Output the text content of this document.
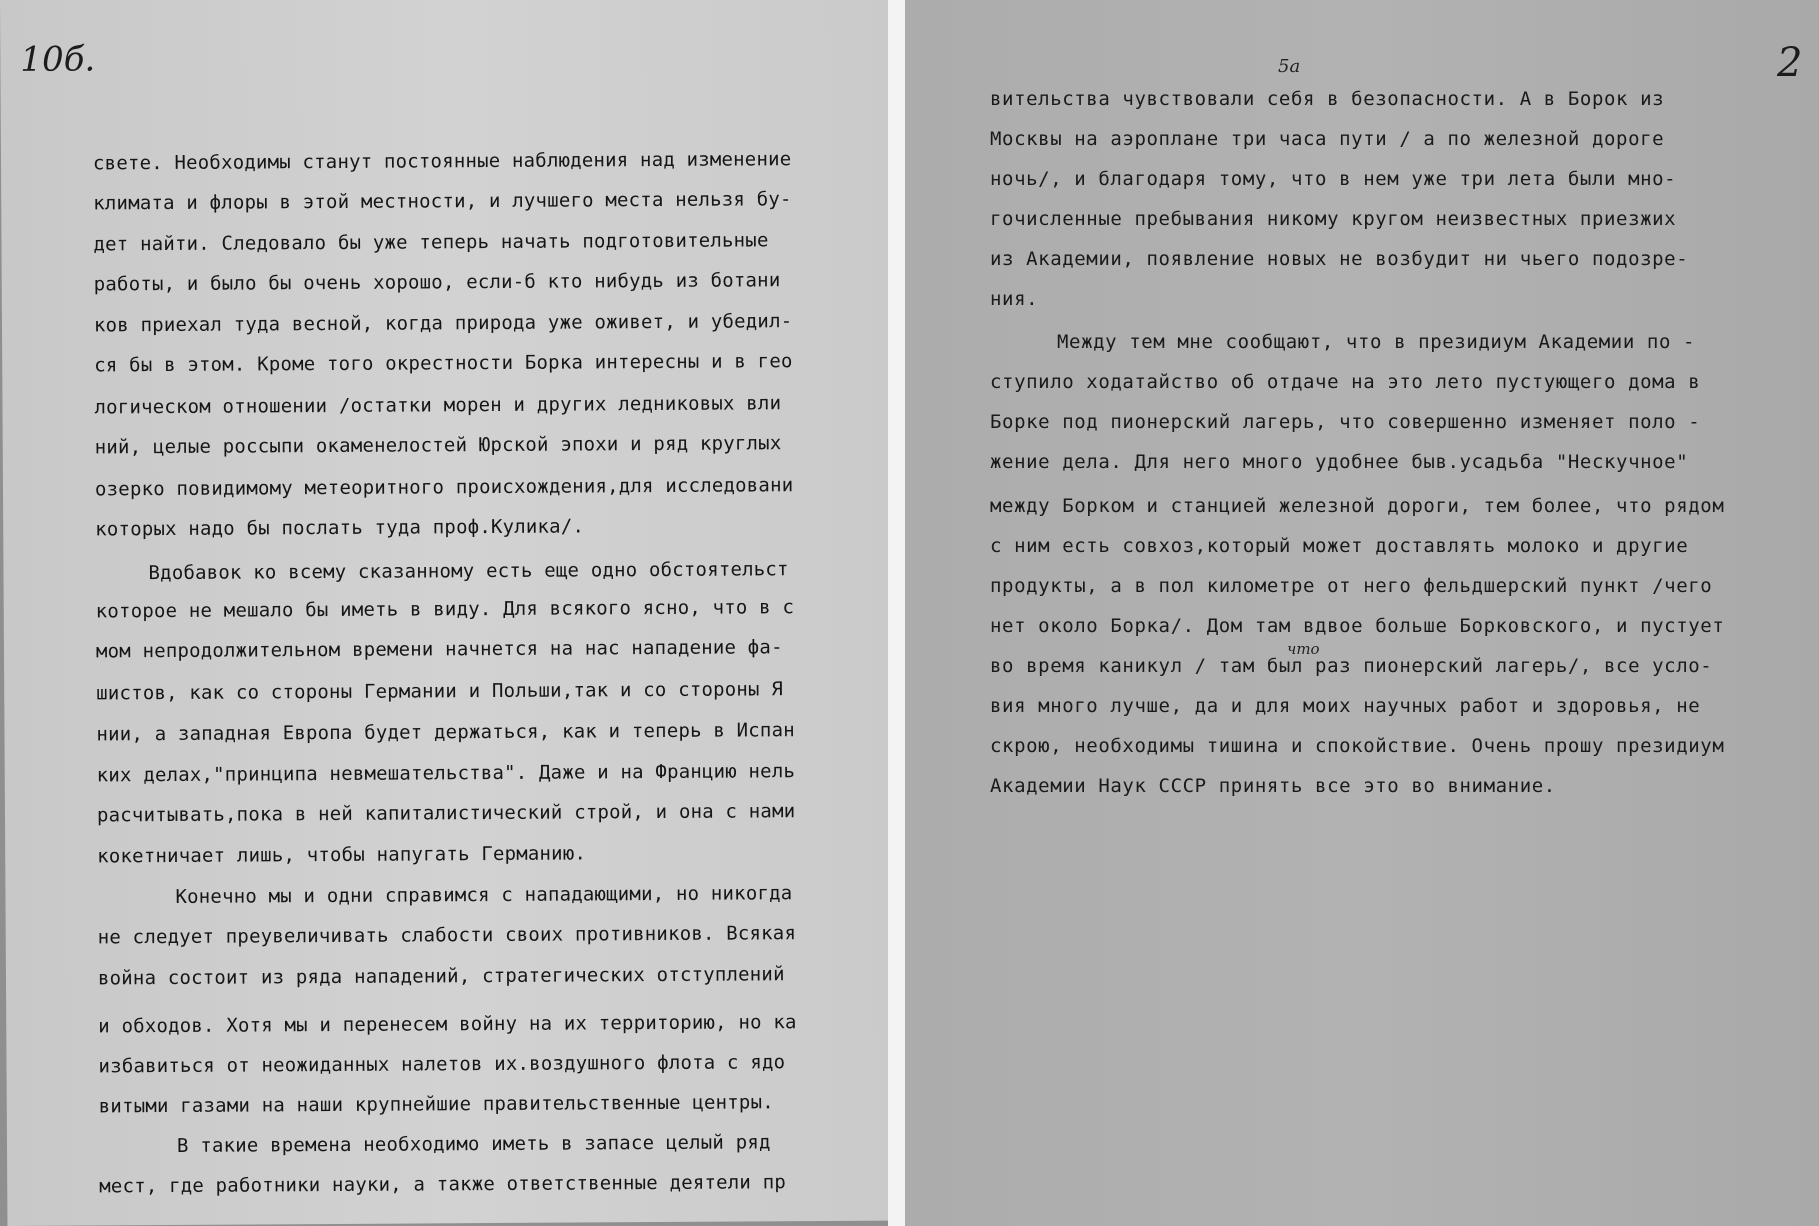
10б.
свете. Необходимы станут постоянные наблюдения над изменение
климата и флоры в этой местности, и лучшего места нельзя бу-
дет найти. Следовало бы уже теперь начать подготовительные
работы, и было бы очень хорошо, если-б кто нибудь из ботани
ков приехал туда весной, когда природа уже оживет, и убедил-
ся бы в этом. Кроме того окрестности Борка интересны и в гео
логическом отношении /остатки морен и других ледниковых вли
ний, целые россыпи окаменелостей Юрской эпохи и ряд круглых
озерко повидимому метеоритного происхождения,для исследовани
которых надо бы послать туда проф.Кулика/.
Вдобавок ко всему сказанному есть еще одно обстоятельст
которое не мешало бы иметь в виду. Для всякого ясно, что в с
мом непродолжительном времени начнется на нас нападение фа-
шистов, как со стороны Германии и Польши,так и со стороны Я
нии, а западная Европа будет держаться, как и теперь в Испан
ких делах,"принципа невмешательства". Даже и на Францию нель
расчитывать,пока в ней капиталистический строй, и она с нами
кокетничает лишь, чтобы напугать Германию.
Конечно мы и одни справимся с нападающими, но никогда
не следует преувеличивать слабости своих противников. Всякая
война состоит из ряда нападений, стратегических отступлений
и обходов. Хотя мы и перенесем войну на их территорию, но ка
избавиться от неожиданных налетов их.воздушного флота с ядо
витыми газами на наши крупнейшие правительственные центры.
В такие времена необходимо иметь в запасе целый ряд
мест, где работники науки, а также ответственные деятели пр
2
5а
что
вительства чувствовали себя в безопасности. А в Борок из
Москвы на аэроплане три часа пути / а по железной дороге
ночь/, и благодаря тому, что в нем уже три лета были мно-
гочисленные пребывания никому кругом неизвестных приезжих
из Академии, появление новых не возбудит ни чьего подозре-
ния.
Между тем мне сообщают, что в президиум Академии по -
ступило ходатайство об отдаче на это лето пустующего дома в
Борке под пионерский лагерь, что совершенно изменяет поло -
жение дела. Для него много удобнее быв.усадьба "Нескучное"
между Борком и станцией железной дороги, тем более, что рядом
с ним есть совхоз,который может доставлять молоко и другие
продукты, а в пол километре от него фельдшерский пункт /чего
нет около Борка/. Дом там вдвое больше Борковского, и пустует
во время каникул / там был раз пионерский лагерь/, все усло-
вия много лучше, да и для моих научных работ и здоровья, не
скрою, необходимы тишина и спокойствие. Очень прошу президиум
Академии Наук СССР принять все это во внимание.
